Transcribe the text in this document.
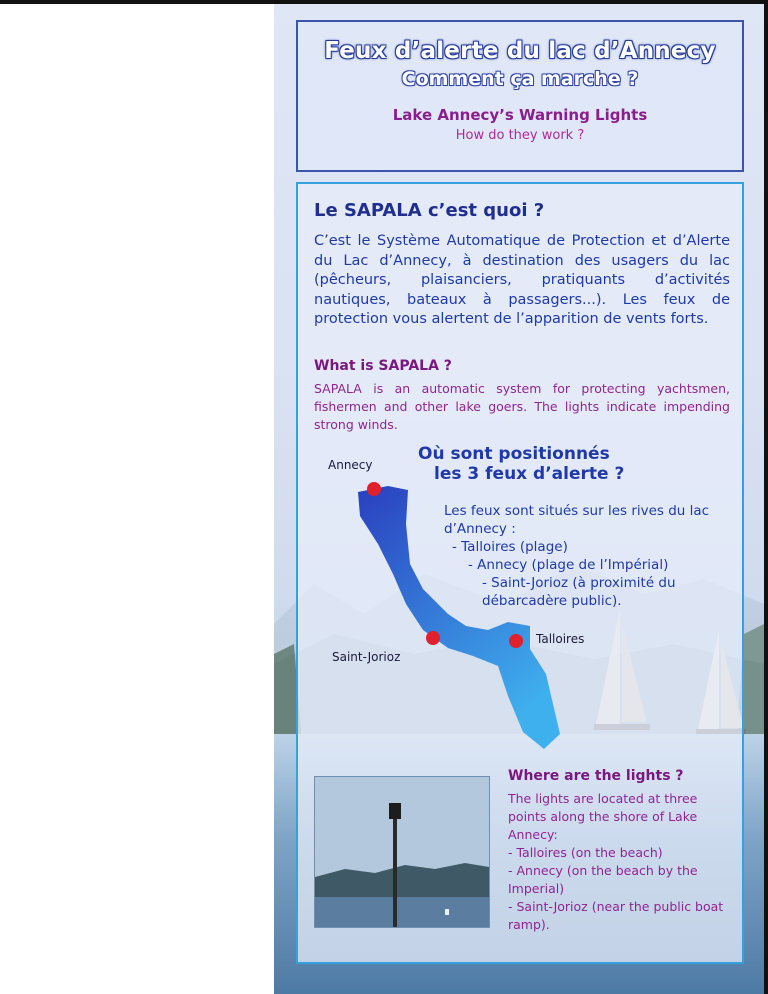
Feux d’alerte du lac d’Annecy
Comment ça marche ?
Lake Annecy’s Warning Lights
How do they work ?
Le SAPALA c’est quoi ?
C’est le Système Automatique de Protection et d’Alerte du Lac d’Annecy, à destination des usagers du lac (pêcheurs, plaisanciers, pratiquants d’activités nautiques, bateaux à passagers...). Les feux de protection vous alertent de l’apparition de vents forts.
What is SAPALA ?
SAPALA is an automatic system for protecting yachtsmen, fishermen and other lake goers. The lights indicate impending strong winds.
Annecy
Saint-Jorioz
Talloires
Où sont positionnés
les 3 feux d’alerte ?
Les feux sont situés sur les rives du lac d’Annecy :
- Talloires (plage)
- Annecy (plage de l’Impérial)
- Saint-Jorioz (à proximité du débarcadère public).
Where are the lights ?
The lights are located at three points along the shore of Lake Annecy:
- Talloires (on the beach)
- Annecy (on the beach by the Imperial)
- Saint-Jorioz (near the public boat ramp).
